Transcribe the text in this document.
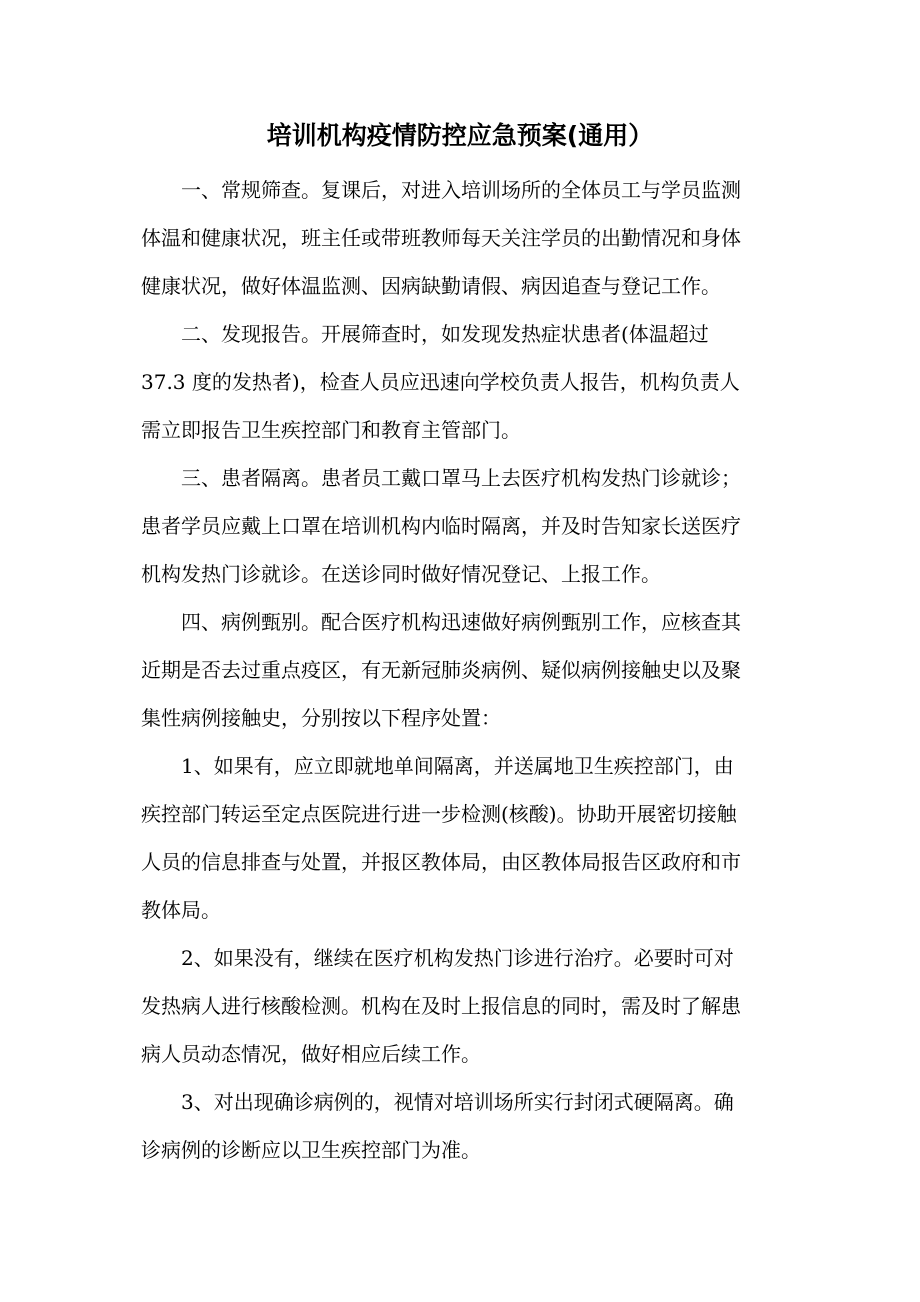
培训机构疫情防控应急预案(通用）

一、常规筛查。复课后，对进入培训场所的全体员工与学员监测
体温和健康状况，班主任或带班教师每天关注学员的出勤情况和身体
健康状况，做好体温监测、因病缺勤请假、病因追查与登记工作。

二、发现报告。开展筛查时，如发现发热症状患者(体温超过
37.3 度的发热者)，检查人员应迅速向学校负责人报告，机构负责人
需立即报告卫生疾控部门和教育主管部门。

三、患者隔离。患者员工戴口罩马上去医疗机构发热门诊就诊；
患者学员应戴上口罩在培训机构内临时隔离，并及时告知家长送医疗
机构发热门诊就诊。在送诊同时做好情况登记、上报工作。

四、病例甄别。配合医疗机构迅速做好病例甄别工作，应核查其
近期是否去过重点疫区，有无新冠肺炎病例、疑似病例接触史以及聚
集性病例接触史，分别按以下程序处置：

1、如果有，应立即就地单间隔离，并送属地卫生疾控部门，由
疾控部门转运至定点医院进行进一步检测(核酸)。协助开展密切接触
人员的信息排查与处置，并报区教体局，由区教体局报告区政府和市
教体局。

2、如果没有，继续在医疗机构发热门诊进行治疗。必要时可对
发热病人进行核酸检测。机构在及时上报信息的同时，需及时了解患
病人员动态情况，做好相应后续工作。

3、对出现确诊病例的，视情对培训场所实行封闭式硬隔离。确
诊病例的诊断应以卫生疾控部门为准。
